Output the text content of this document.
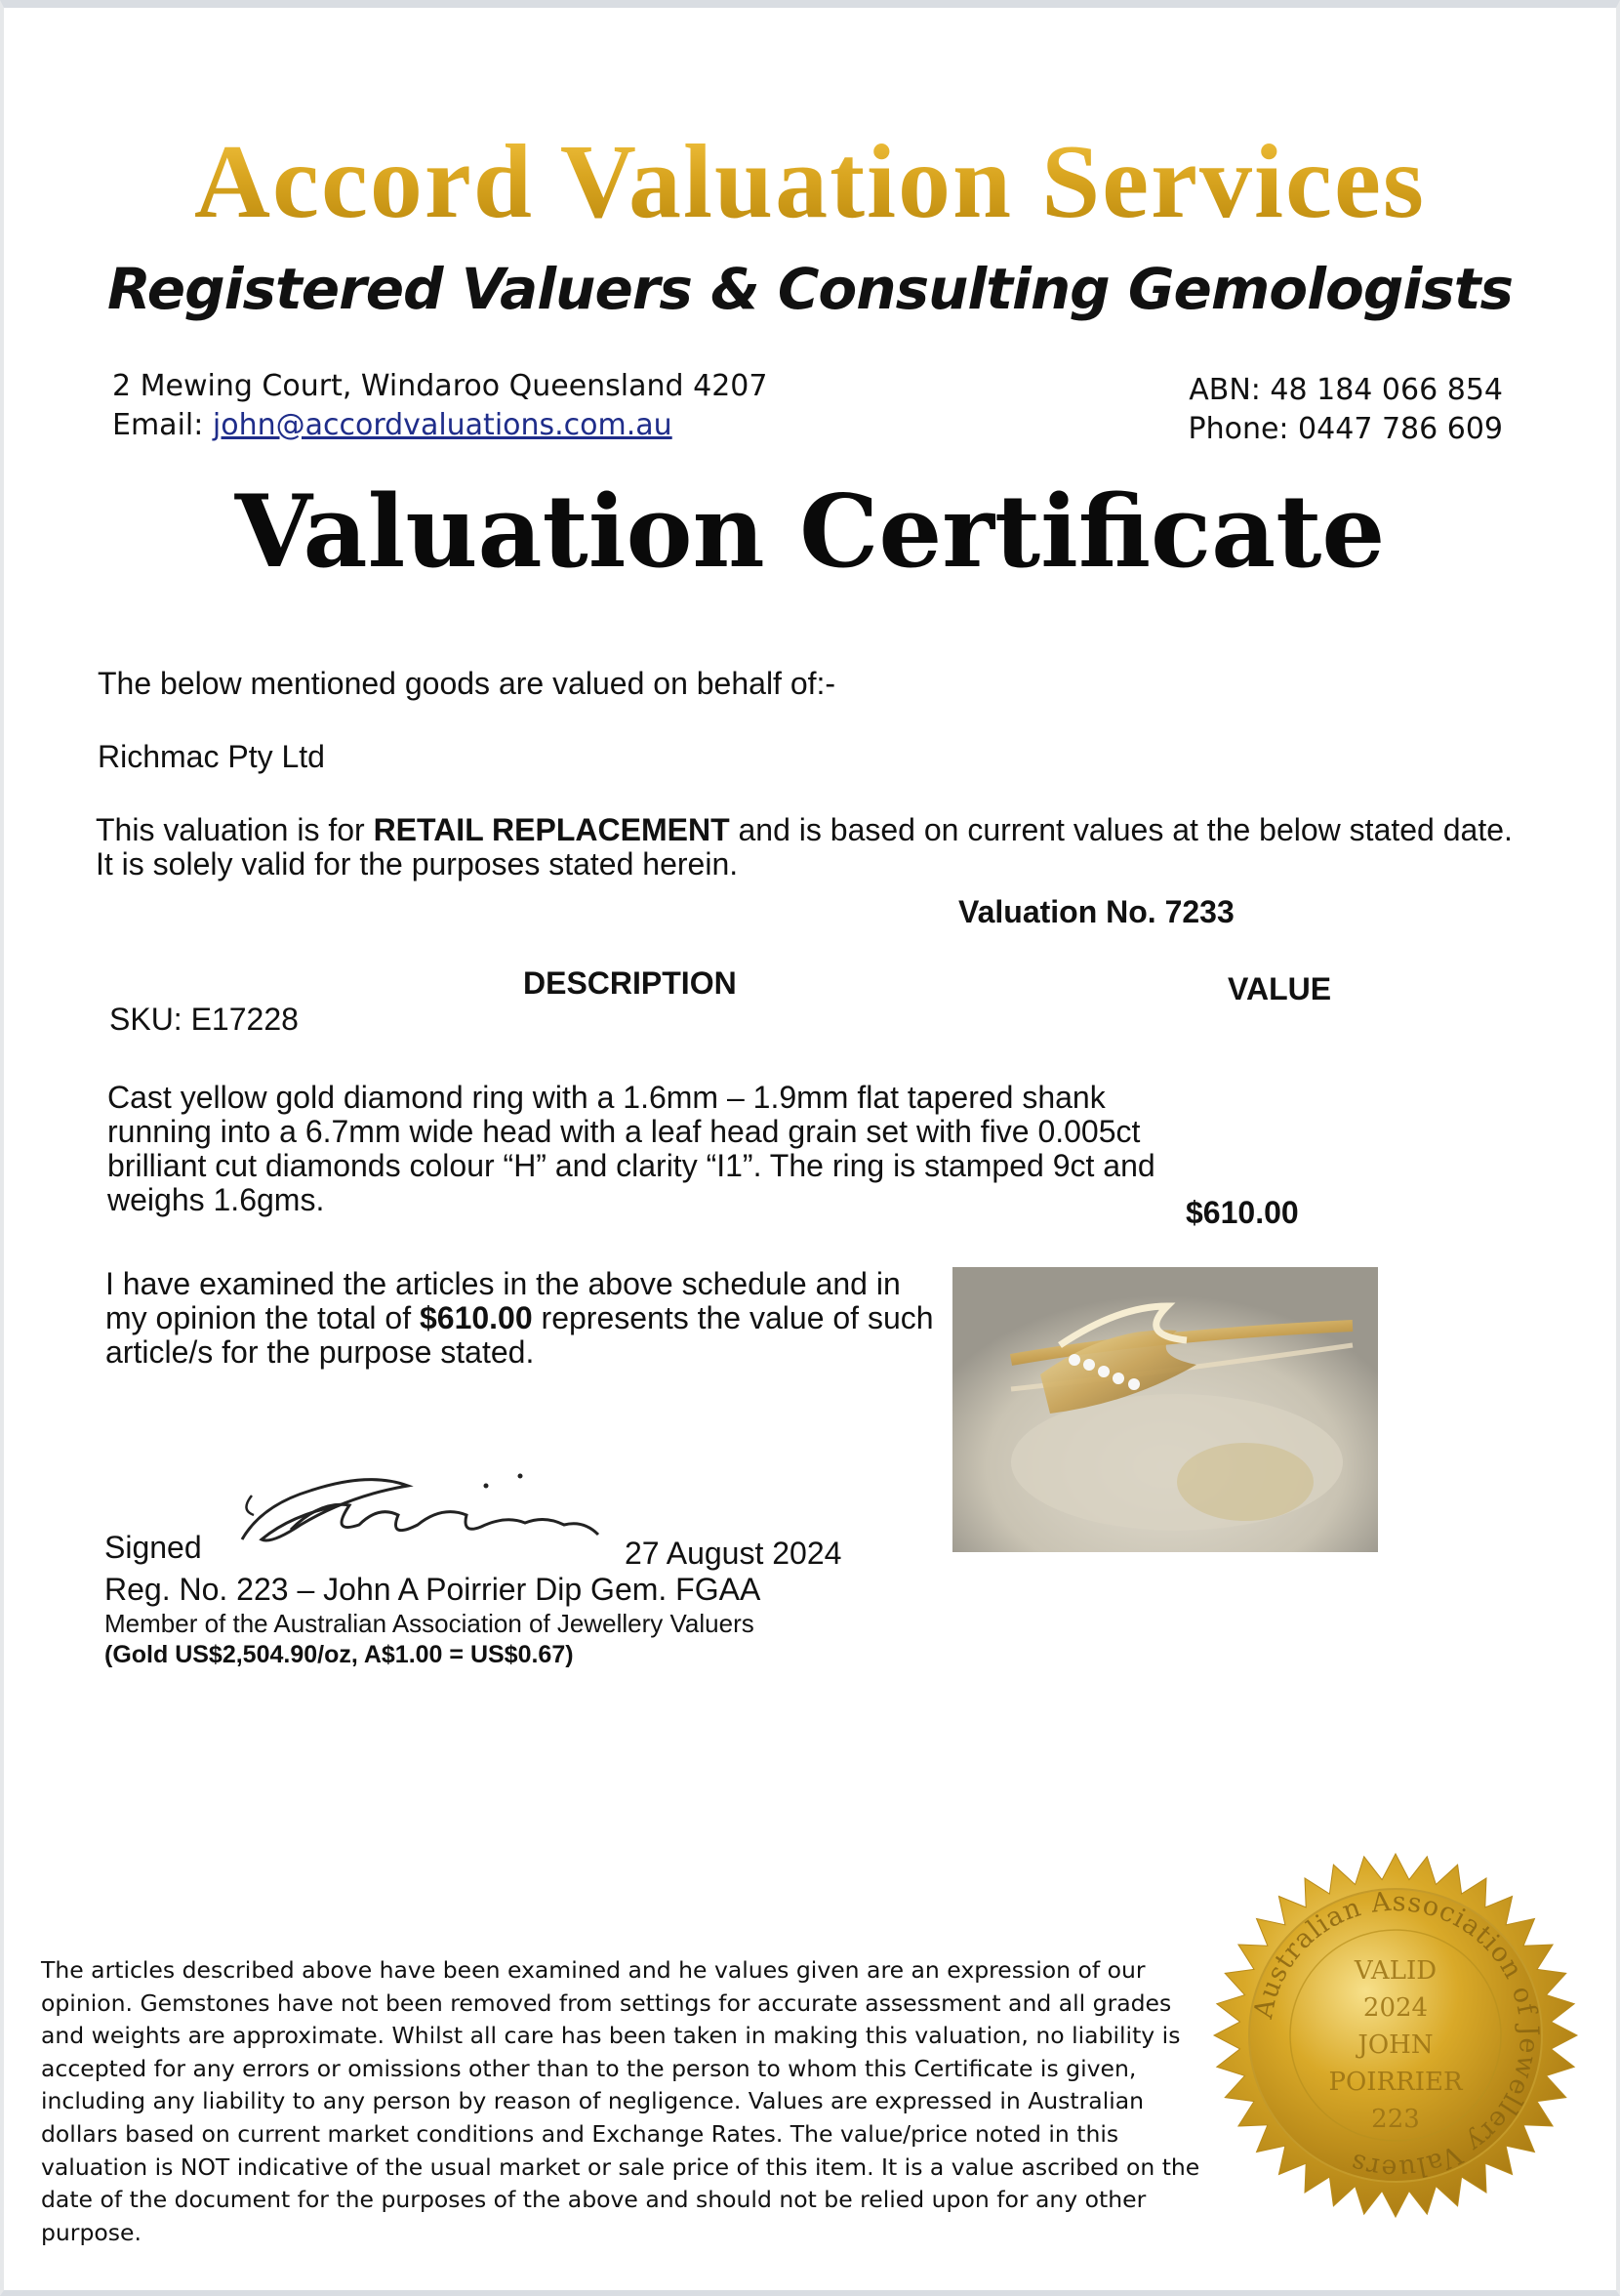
Accord Valuation Services
Registered Valuers & Consulting Gemologists
2 Mewing Court, Windaroo Queensland 4207
Email: john@accordvaluations.com.au
ABN: 48 184 066 854
Phone: 0447 786 609
Valuation Certificate
The below mentioned goods are valued on behalf of:-
Richmac Pty Ltd
This valuation is for RETAIL REPLACEMENT and is based on current values at the below stated date. It is solely valid for the purposes stated herein.
Valuation No. 7233
DESCRIPTION	VALUE
SKU: E17228
Cast yellow gold diamond ring with a 1.6mm – 1.9mm flat tapered shank running into a 6.7mm wide head with a leaf head grain set with five 0.005ct brilliant cut diamonds colour “H” and clarity “I1”. The ring is stamped 9ct and weighs 1.6gms.	$610.00
I have examined the articles in the above schedule and in my opinion the total of $610.00 represents the value of such article/s for the purpose stated.
Signed	27 August 2024
Reg. No. 223 – John A Poirrier Dip Gem. FGAA
Member of the Australian Association of Jewellery Valuers
(Gold US$2,504.90/oz, A$1.00 = US$0.67)
The articles described above have been examined and he values given are an expression of our opinion. Gemstones have not been removed from settings for accurate assessment and all grades and weights are approximate. Whilst all care has been taken in making this valuation, no liability is accepted for any errors or omissions other than to the person to whom this Certificate is given, including any liability to any person by reason of negligence. Values are expressed in Australian dollars based on current market conditions and Exchange Rates. The value/price noted in this valuation is NOT indicative of the usual market or sale price of this item. It is a value ascribed on the date of the document for the purposes of the above and should not be relied upon for any other purpose.
Australian Association of Jewellery Valuers
VALID
2024
JOHN
POIRRIER
223
